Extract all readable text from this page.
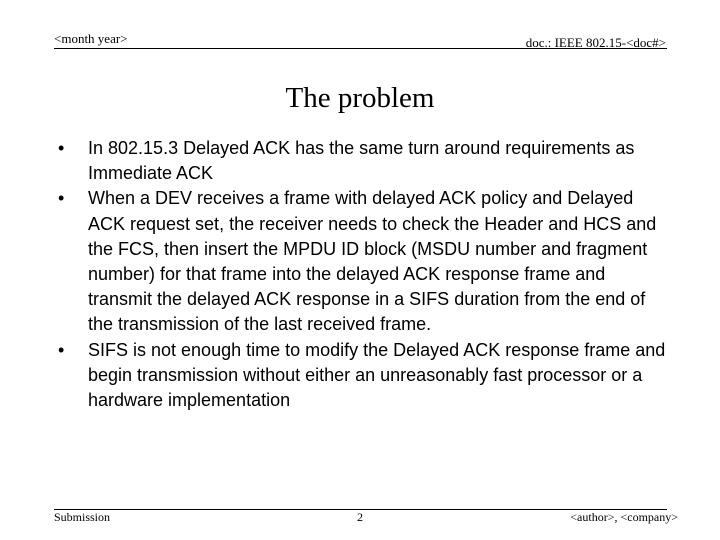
<month year>	doc.: IEEE 802.15-<doc#>
The problem
• In 802.15.3 Delayed ACK has the same turn around requirements as Immediate ACK
• When a DEV receives a frame with delayed ACK policy and Delayed ACK request set, the receiver needs to check the Header and HCS and the FCS, then insert the MPDU ID block (MSDU number and fragment number) for that frame into the delayed ACK response frame and transmit the delayed ACK response in a SIFS duration from the end of the transmission of the last received frame.
• SIFS is not enough time to modify the Delayed ACK response frame and begin transmission without either an unreasonably fast processor or a hardware implementation
Submission	2	<author>, <company>
